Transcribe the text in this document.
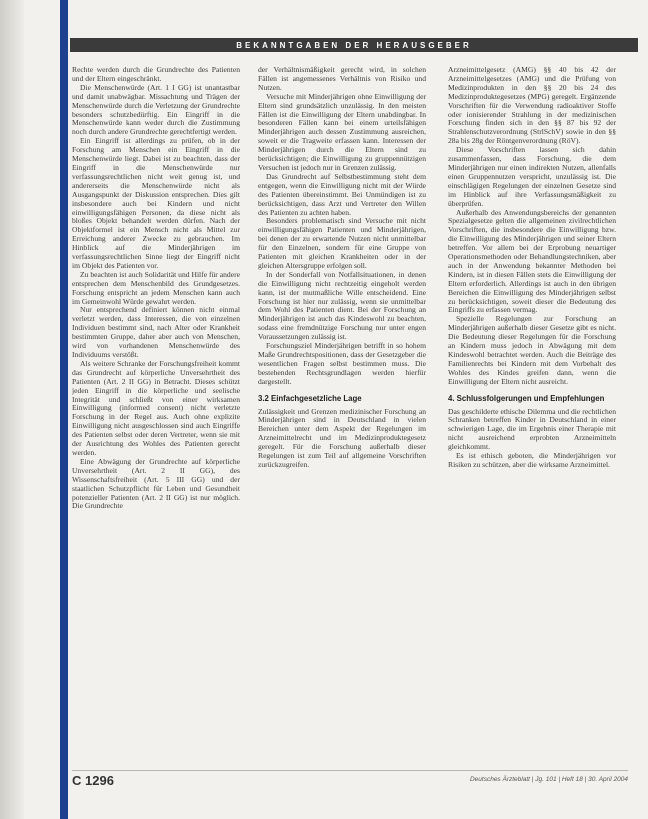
BEKANNTGABEN DER HERAUSGEBER

Rechte werden durch die Grundrechte des Patienten und der Eltern eingeschränkt.

Die Menschenwürde (Art. 1 I GG) ist unantastbar und damit unabwägbar. Missachtung und Trägen der Menschenwürde durch die Verletzung der Grundrechte besonders schutzbedürftig. Ein Eingriff in die Menschenwürde kann weder durch die Zustimmung noch durch andere Grundrechte gerechtfertigt werden.

Ein Eingriff ist allerdings zu prüfen, ob in der Forschung am Menschen ein Eingriff in die Menschenwürde liegt. Dabei ist zu beachten, dass der Eingriff in die Menschenwürde nur verfassungsrechtlichen nicht weit genug ist, und andererseits die Menschenwürde nicht als Ausgangspunkt der Diskussion entsprechen. Dies gilt insbesondere auch bei Kindern und nicht einwilligungsfähigen Personen, da diese nicht als bloßes Objekt behandelt werden dürfen. Nach der Objektformel ist ein Mensch nicht als Mittel zur Erreichung anderer Zwecke zu gebrauchen. Im Hinblick auf die Minderjährigen im verfassungsrechtlichen Sinne liegt der Eingriff nicht im Objekt des Patienten vor.

Zu beachten ist auch Solidarität und Hilfe für andere entsprechen dem Menschenbild des Grundgesetzes. Forschung entspricht an jedem Menschen kann auch im Gemeinwohl Würde gewahrt werden.

Nur entsprechend definiert können nicht einmal verletzt werden, dass Interessen, die von einzelnen Individuen bestimmt sind, nach Alter oder Krankheit bestimmten Gruppe, daher aber auch von Menschen, wird von vorhandenen Menschenwürde des Individuums verstößt.

Als weitere Schranke der Forschungsfreiheit kommt das Grundrecht auf körperliche Unversehrtheit des Patienten (Art. 2 II GG) in Betracht. Dieses schützt jeden Eingriff in die körperliche und seelische Integrität und schließt von einer wirksamen Einwilligung (informed consent) nicht verletzte Forschung in der Regel aus. Auch ohne explizite Einwilligung nicht ausgeschlossen sind auch Eingriffe des Patienten selbst oder deren Vertreter, wenn sie mit der Ausrichtung des Wohles des Patienten gerecht werden.

Eine Abwägung der Grundrechte auf körperliche Unversehrtheit (Art. 2 II GG), des Wissenschaftsfreiheit (Art. 5 III GG) und der staatlichen Schutzpflicht für Leben und Gesundheit potenzieller Patienten (Art. 2 II GG) ist nur möglich. Die Grundrechte

der Verhältnismäßigkeit gerecht wird, in solchen Fällen ist angemessenes Verhältnis von Risiko und Nutzen.

Versuche mit Minderjährigen ohne Einwilligung der Eltern sind grundsätzlich unzulässig. In den meisten Fällen ist die Einwilligung der Eltern unabdingbar. In besonderen Fällen kann bei einem urteilsfähigen Minderjährigen auch dessen Zustimmung ausreichen, soweit er die Tragweite erfassen kann. Interessen der Minderjährigen durch die Eltern sind zu berücksichtigen; die Einwilligung zu gruppennützigen Versuchen ist jedoch nur in Grenzen zulässig.

Das Grundrecht auf Selbstbestimmung steht dem entgegen, wenn die Einwilligung nicht mit der Würde des Patienten übereinstimmt. Bei Unmündigen ist zu berücksichtigen, dass Arzt und Vertreter den Willen des Patienten zu achten haben.

Besonders problematisch sind Versuche mit nicht einwilligungsfähigen Patienten und Minderjährigen, bei denen der zu erwartende Nutzen nicht unmittelbar für den Einzelnen, sondern für eine Gruppe von Patienten mit gleichen Krankheiten oder in der gleichen Altersgruppe erfolgen soll.

In der Sonderfall von Notfallsituationen, in denen die Einwilligung nicht rechtzeitig eingeholt werden kann, ist der mutmaßliche Wille entscheidend. Eine Forschung ist hier nur zulässig, wenn sie unmittelbar dem Wohl des Patienten dient. Bei der Forschung an Minderjährigen ist auch das Kindeswohl zu beachten, sodass eine fremdnützige Forschung nur unter engen Voraussetzungen zulässig ist.

Forschungsziel Minderjährigen betrifft in so hohem Maße Grundrechtspositionen, dass der Gesetzgeber die wesentlichen Fragen selbst bestimmen muss. Die bestehenden Rechtsgrundlagen werden hierfür dargestellt.

3.2 Einfachgesetzliche Lage

Zulässigkeit und Grenzen medizinischer Forschung an Minderjährigen sind in Deutschland in vielen Bereichen unter dem Aspekt der Regelungen im Arzneimittelrecht und im Medizinproduktegesetz geregelt. Für die Forschung außerhalb dieser Regelungen ist zum Teil auf allgemeine Vorschriften zurückzugreifen.

Arzneimittelgesetz (AMG) §§ 40 bis 42 der Arzneimittelgesetzes (AMG) und die Prüfung von Medizinprodukten in den §§ 20 bis 24 des Medizinproduktegesetzes (MPG) geregelt. Ergänzende Vorschriften für die Verwendung radioaktiver Stoffe oder ionisierender Strahlung in der medizinischen Forschung finden sich in den §§ 87 bis 92 der Strahlenschutzverordnung (StrlSchV) sowie in den §§ 28a bis 28g der Röntgenverordnung (RöV).

Diese Vorschriften lassen sich dahin zusammenfassen, dass Forschung, die dem Minderjährigen nur einen indirekten Nutzen, allenfalls einen Gruppennutzen verspricht, unzulässig ist. Die einschlägigen Regelungen der einzelnen Gesetze sind im Hinblick auf ihre Verfassungsmäßigkeit zu überprüfen.

Außerhalb des Anwendungsbereichs der genannten Spezialgesetze gelten die allgemeinen zivilrechtlichen Vorschriften, die insbesondere die Einwilligung bzw. die Einwilligung des Minderjährigen und seiner Eltern betreffen. Vor allem bei der Erprobung neuartiger Operationsmethoden oder Behandlungstechniken, aber auch in der Anwendung bekannter Methoden bei Kindern, ist in diesen Fällen stets die Einwilligung der Eltern erforderlich. Allerdings ist auch in den übrigen Bereichen die Einwilligung des Minderjährigen selbst zu berücksichtigen, soweit dieser die Bedeutung des Eingriffs zu erfassen vermag.

Spezielle Regelungen zur Forschung an Minderjährigen außerhalb dieser Gesetze gibt es nicht. Die Bedeutung dieser Regelungen für die Forschung an Kindern muss jedoch in Abwägung mit dem Kindeswohl betrachtet werden. Auch die Beiträge des Familienrechts bei Kindern mit dem Vorbehalt des Wohles des Kindes greifen dann, wenn die Einwilligung der Eltern nicht ausreicht.

4. Schlussfolgerungen und Empfehlungen

Das geschilderte ethische Dilemma und die rechtlichen Schranken betreffen Kinder in Deutschland in einer schwierigen Lage, die im Ergebnis einer Therapie mit nicht ausreichend erprobten Arzneimitteln gleichkommt.

Es ist ethisch geboten, die Minderjährigen vor Risiken zu schützen, aber die wirksame Arzneimittel.

C 1296	Deutsches Ärzteblatt | Jg. 101 | Heft 18 | 30. April 2004
